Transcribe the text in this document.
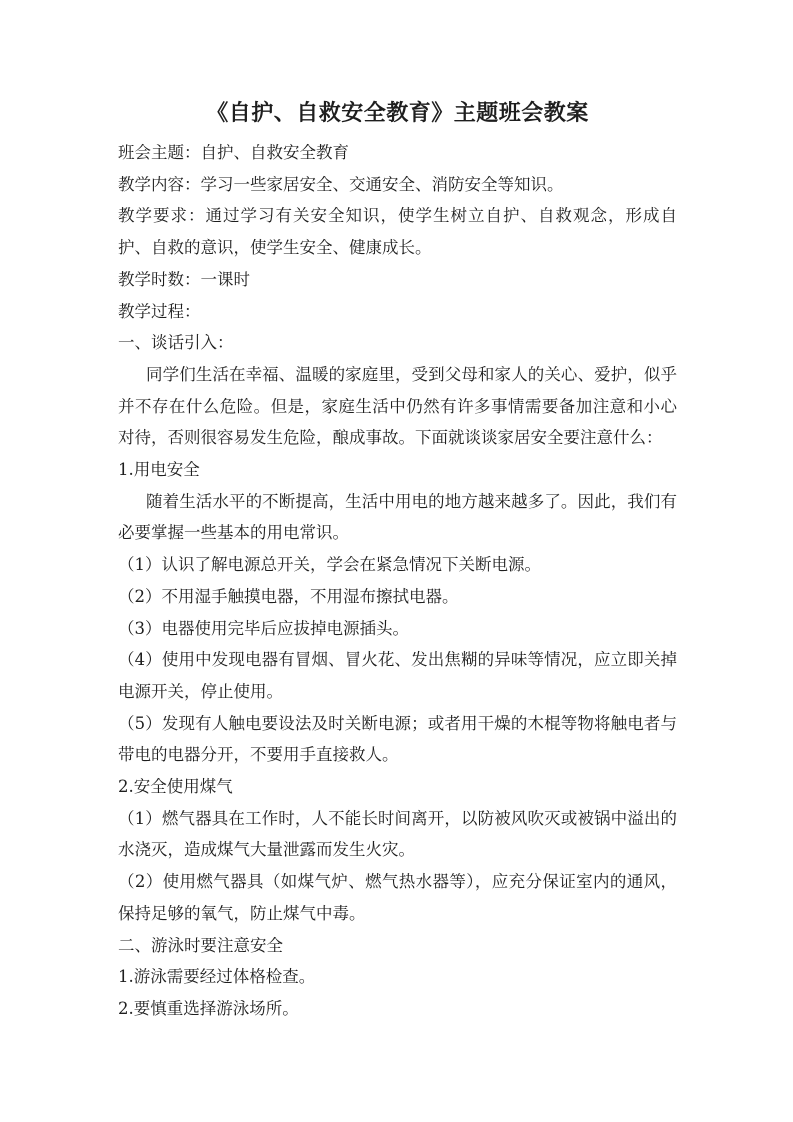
《自护、自救安全教育》主题班会教案

班会主题：自护、自救安全教育

教学内容：学习一些家居安全、交通安全、消防安全等知识。

教学要求：通过学习有关安全知识，使学生树立自护、自救观念，形成自护、自救的意识，使学生安全、健康成长。

教学时数：一课时

教学过程：

一、谈话引入：

同学们生活在幸福、温暖的家庭里，受到父母和家人的关心、爱护，似乎并不存在什么危险。但是，家庭生活中仍然有许多事情需要备加注意和小心对待，否则很容易发生危险，酿成事故。下面就谈谈家居安全要注意什么：

1.用电安全

随着生活水平的不断提高，生活中用电的地方越来越多了。因此，我们有必要掌握一些基本的用电常识。

（1）认识了解电源总开关，学会在紧急情况下关断电源。

（2）不用湿手触摸电器，不用湿布擦拭电器。

（3）电器使用完毕后应拔掉电源插头。

（4）使用中发现电器有冒烟、冒火花、发出焦糊的异味等情况，应立即关掉电源开关，停止使用。

（5）发现有人触电要设法及时关断电源；或者用干燥的木棍等物将触电者与带电的电器分开，不要用手直接救人。

2.安全使用煤气

（1）燃气器具在工作时，人不能长时间离开，以防被风吹灭或被锅中溢出的水浇灭，造成煤气大量泄露而发生火灾。

（2）使用燃气器具（如煤气炉、燃气热水器等），应充分保证室内的通风，保持足够的氧气，防止煤气中毒。

二、游泳时要注意安全

1.游泳需要经过体格检查。

2.要慎重选择游泳场所。
